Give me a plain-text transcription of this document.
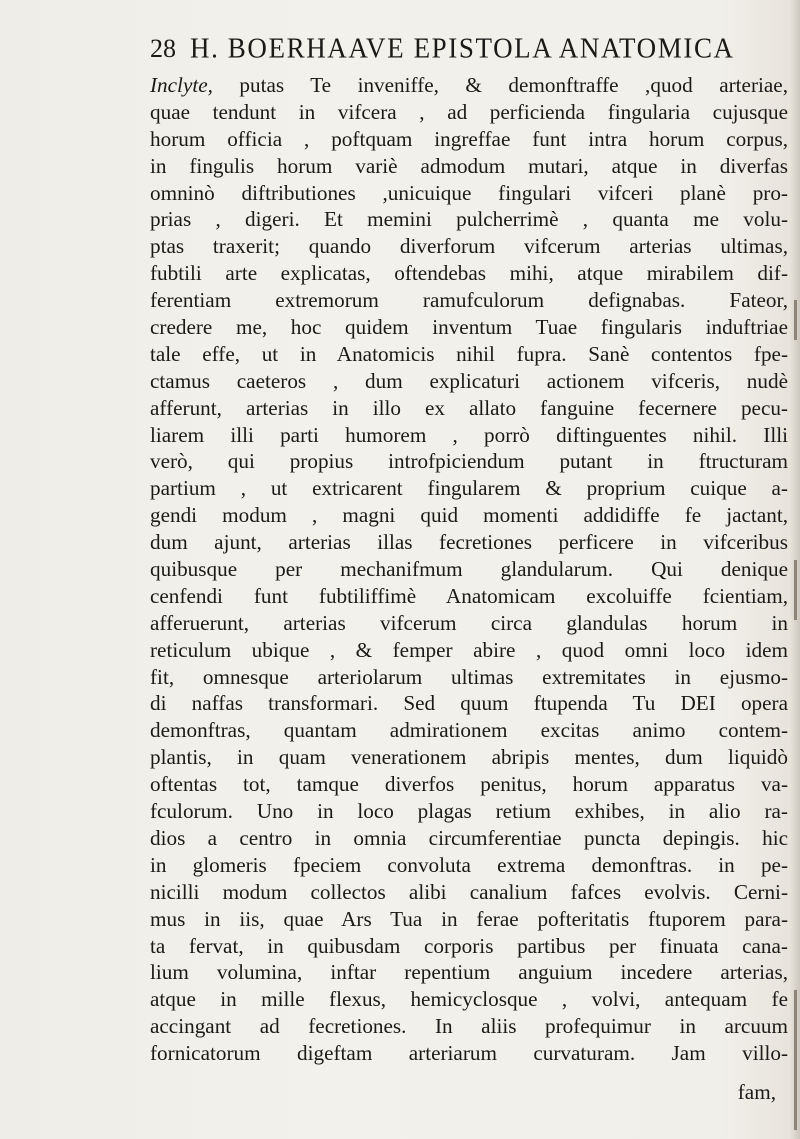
28 H. BOERHAAVE EPISTOLA ANATOMICA
Inclyte, putas Te inveniffe, & demonftraffe ,quod arteriae,
quae tendunt in vifcera , ad perficienda fingularia cujusque
horum officia , poftquam ingreffae funt intra horum corpus,
in fingulis horum variè admodum mutari, atque in diverfas
omninò diftributiones ,unicuique fingulari vifceri planè pro-
prias , digeri. Et memini pulcherrimè , quanta me volu-
ptas traxerit; quando diverforum vifcerum arterias ultimas,
fubtili arte explicatas, oftendebas mihi, atque mirabilem dif-
ferentiam extremorum ramufculorum defignabas. Fateor,
credere me, hoc quidem inventum Tuae fingularis induftriae
tale effe, ut in Anatomicis nihil fupra. Sanè contentos fpe-
ctamus caeteros , dum explicaturi actionem vifceris, nudè
afferunt, arterias in illo ex allato fanguine fecernere pecu-
liarem illi parti humorem , porrò diftinguentes nihil. Illi
verò, qui propius introfpiciendum putant in ftructuram
partium , ut extricarent fingularem & proprium cuique a-
gendi modum , magni quid momenti addidiffe fe jactant,
dum ajunt, arterias illas fecretiones perficere in vifceribus
quibusque per mechanifmum glandularum. Qui denique
cenfendi funt fubtiliffimè Anatomicam excoluiffe fcientiam,
afferuerunt, arterias vifcerum circa glandulas horum in
reticulum ubique , & femper abire , quod omni loco idem
fit, omnesque arteriolarum ultimas extremitates in ejusmo-
di naffas transformari. Sed quum ftupenda Tu DEI opera
demonftras, quantam admirationem excitas animo contem-
plantis, in quam venerationem abripis mentes, dum liquidò
oftentas tot, tamque diverfos penitus, horum apparatus va-
fculorum. Uno in loco plagas retium exhibes, in alio ra-
dios a centro in omnia circumferentiae puncta depingis. hic
in glomeris fpeciem convoluta extrema demonftras. in pe-
nicilli modum collectos alibi canalium fafces evolvis. Cerni-
mus in iis, quae Ars Tua in ferae pofteritatis ftuporem para-
ta fervat, in quibusdam corporis partibus per finuata cana-
lium volumina, inftar repentium anguium incedere arterias,
atque in mille flexus, hemicyclosque , volvi, antequam fe
accingant ad fecretiones. In aliis profequimur in arcuum
fornicatorum digeftam arteriarum curvaturam. Jam villo-
fam,
